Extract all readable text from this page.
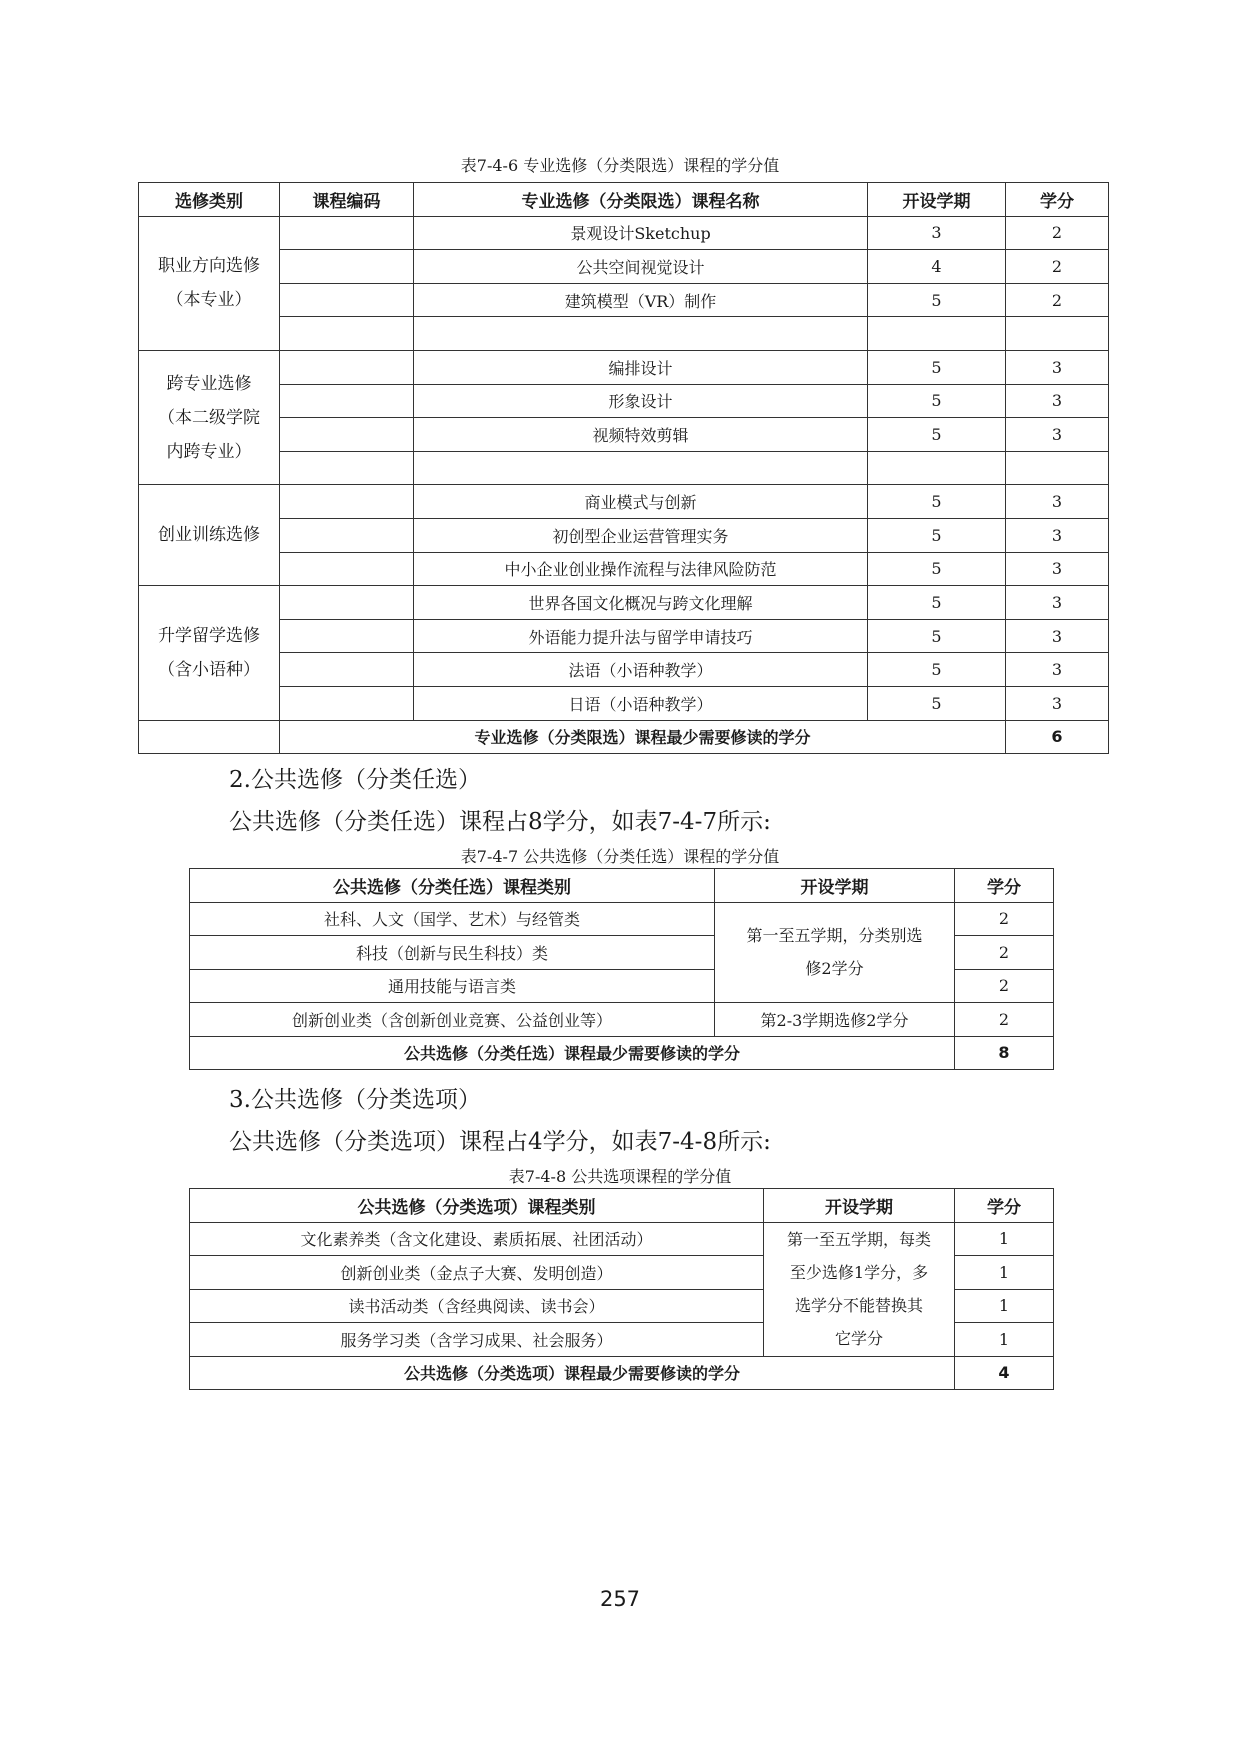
表7-4-6 专业选修（分类限选）课程的学分值
选修类别	课程编码	专业选修（分类限选）课程名称	开设学期	学分

职业方向选修
（本专业）		景观设计Sketchup	3	2
		公共空间视觉设计	4	2
		建筑模型（VR）制作	5	2

跨专业选修
（本二级学院
内跨专业）		编排设计	5	3
		形象设计	5	3
		视频特效剪辑	5	3

创业训练选修		商业模式与创新	5	3
		初创型企业运营管理实务	5	3
		中小企业创业操作流程与法律风险防范	5	3

升学留学选修
（含小语种）		世界各国文化概况与跨文化理解	5	3
		外语能力提升法与留学申请技巧	5	3
		法语（小语种教学）	5	3
		日语（小语种教学）	5	3
	专业选修（分类限选）课程最少需要修读的学分			6
2.公共选修（分类任选）
公共选修（分类任选）课程占8学分，如表7-4-7所示:
表7-4-7 公共选修（分类任选）课程的学分值
公共选修（分类任选）课程类别	开设学期	学分
社科、人文（国学、艺术）与经管类	第一至五学期，分类别选
修2学分	2
科技（创新与民生科技）类		2
通用技能与语言类		2
创新创业类（含创新创业竞赛、公益创业等）	第2-3学期选修2学分	2
公共选修（分类任选）课程最少需要修读的学分		8
3.公共选修（分类选项）
公共选修（分类选项）课程占4学分，如表7-4-8所示:
表7-4-8 公共选项课程的学分值
公共选修（分类选项）课程类别	开设学期	学分
文化素养类（含文化建设、素质拓展、社团活动）	第一至五学期，每类
至少选修1学分，多
选学分不能替换其
它学分	1
创新创业类（金点子大赛、发明创造）		1
读书活动类（含经典阅读、读书会）		1
服务学习类（含学习成果、社会服务）		1
公共选修（分类选项）课程最少需要修读的学分		4
257
